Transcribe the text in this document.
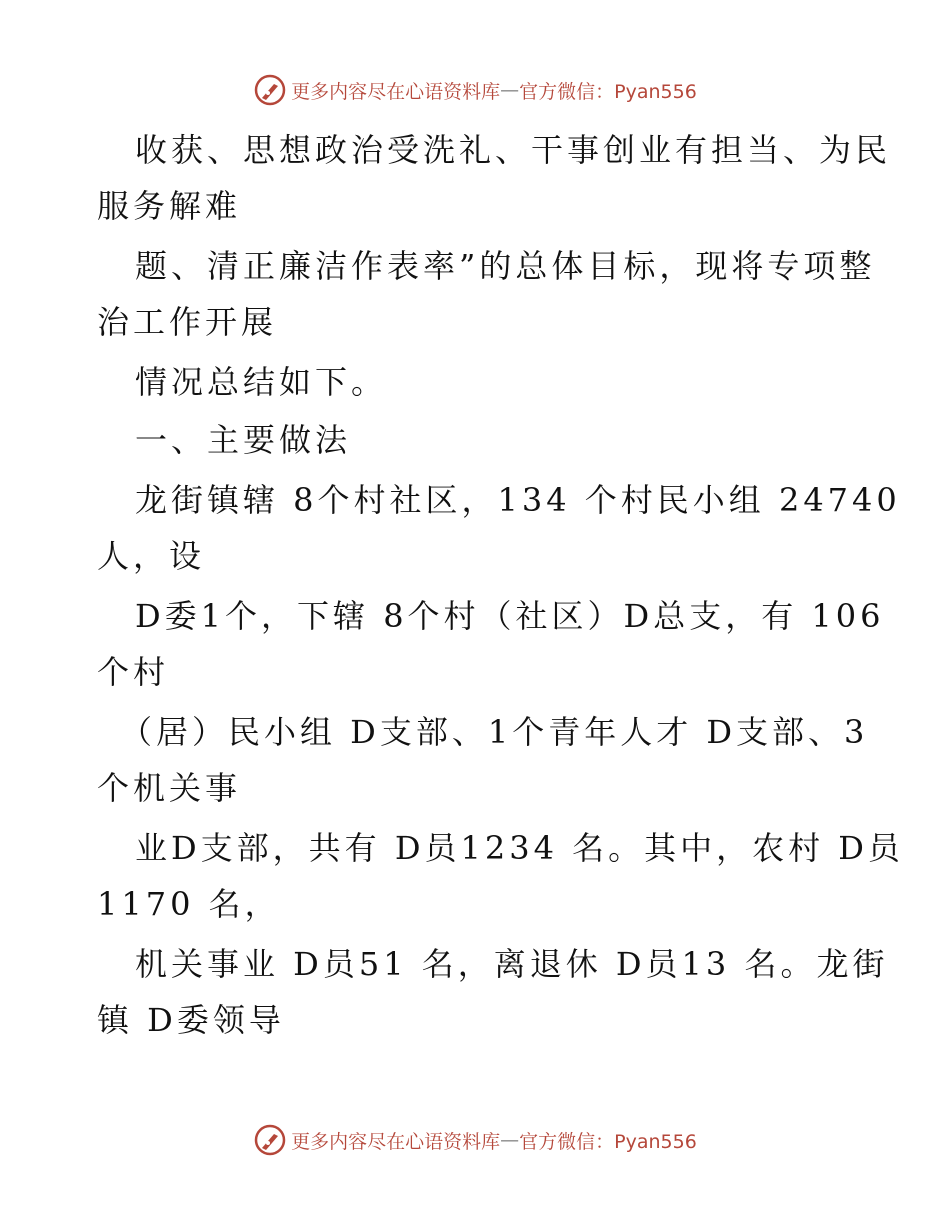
更多内容尽在心语资料库 — 官方微信：Pyan556
收获、思想政治受洗礼、干事创业有担当、为民
服务解难
题、清正廉洁作表率”的总体目标，现将专项整
治工作开展
情况总结如下。
一、主要做法
龙街镇辖 8个村社区，134 个村民小组 24740
人，设
D委1个，下辖 8个村（社区）D总支，有 106
个村
（居）民小组 D支部、1个青年人才 D支部、3
个机关事
业D支部，共有 D员1234 名。其中，农村 D员
1170 名，
机关事业 D员51 名，离退休 D员13 名。龙街
镇 D委领导
更多内容尽在心语资料库 — 官方微信：Pyan556
